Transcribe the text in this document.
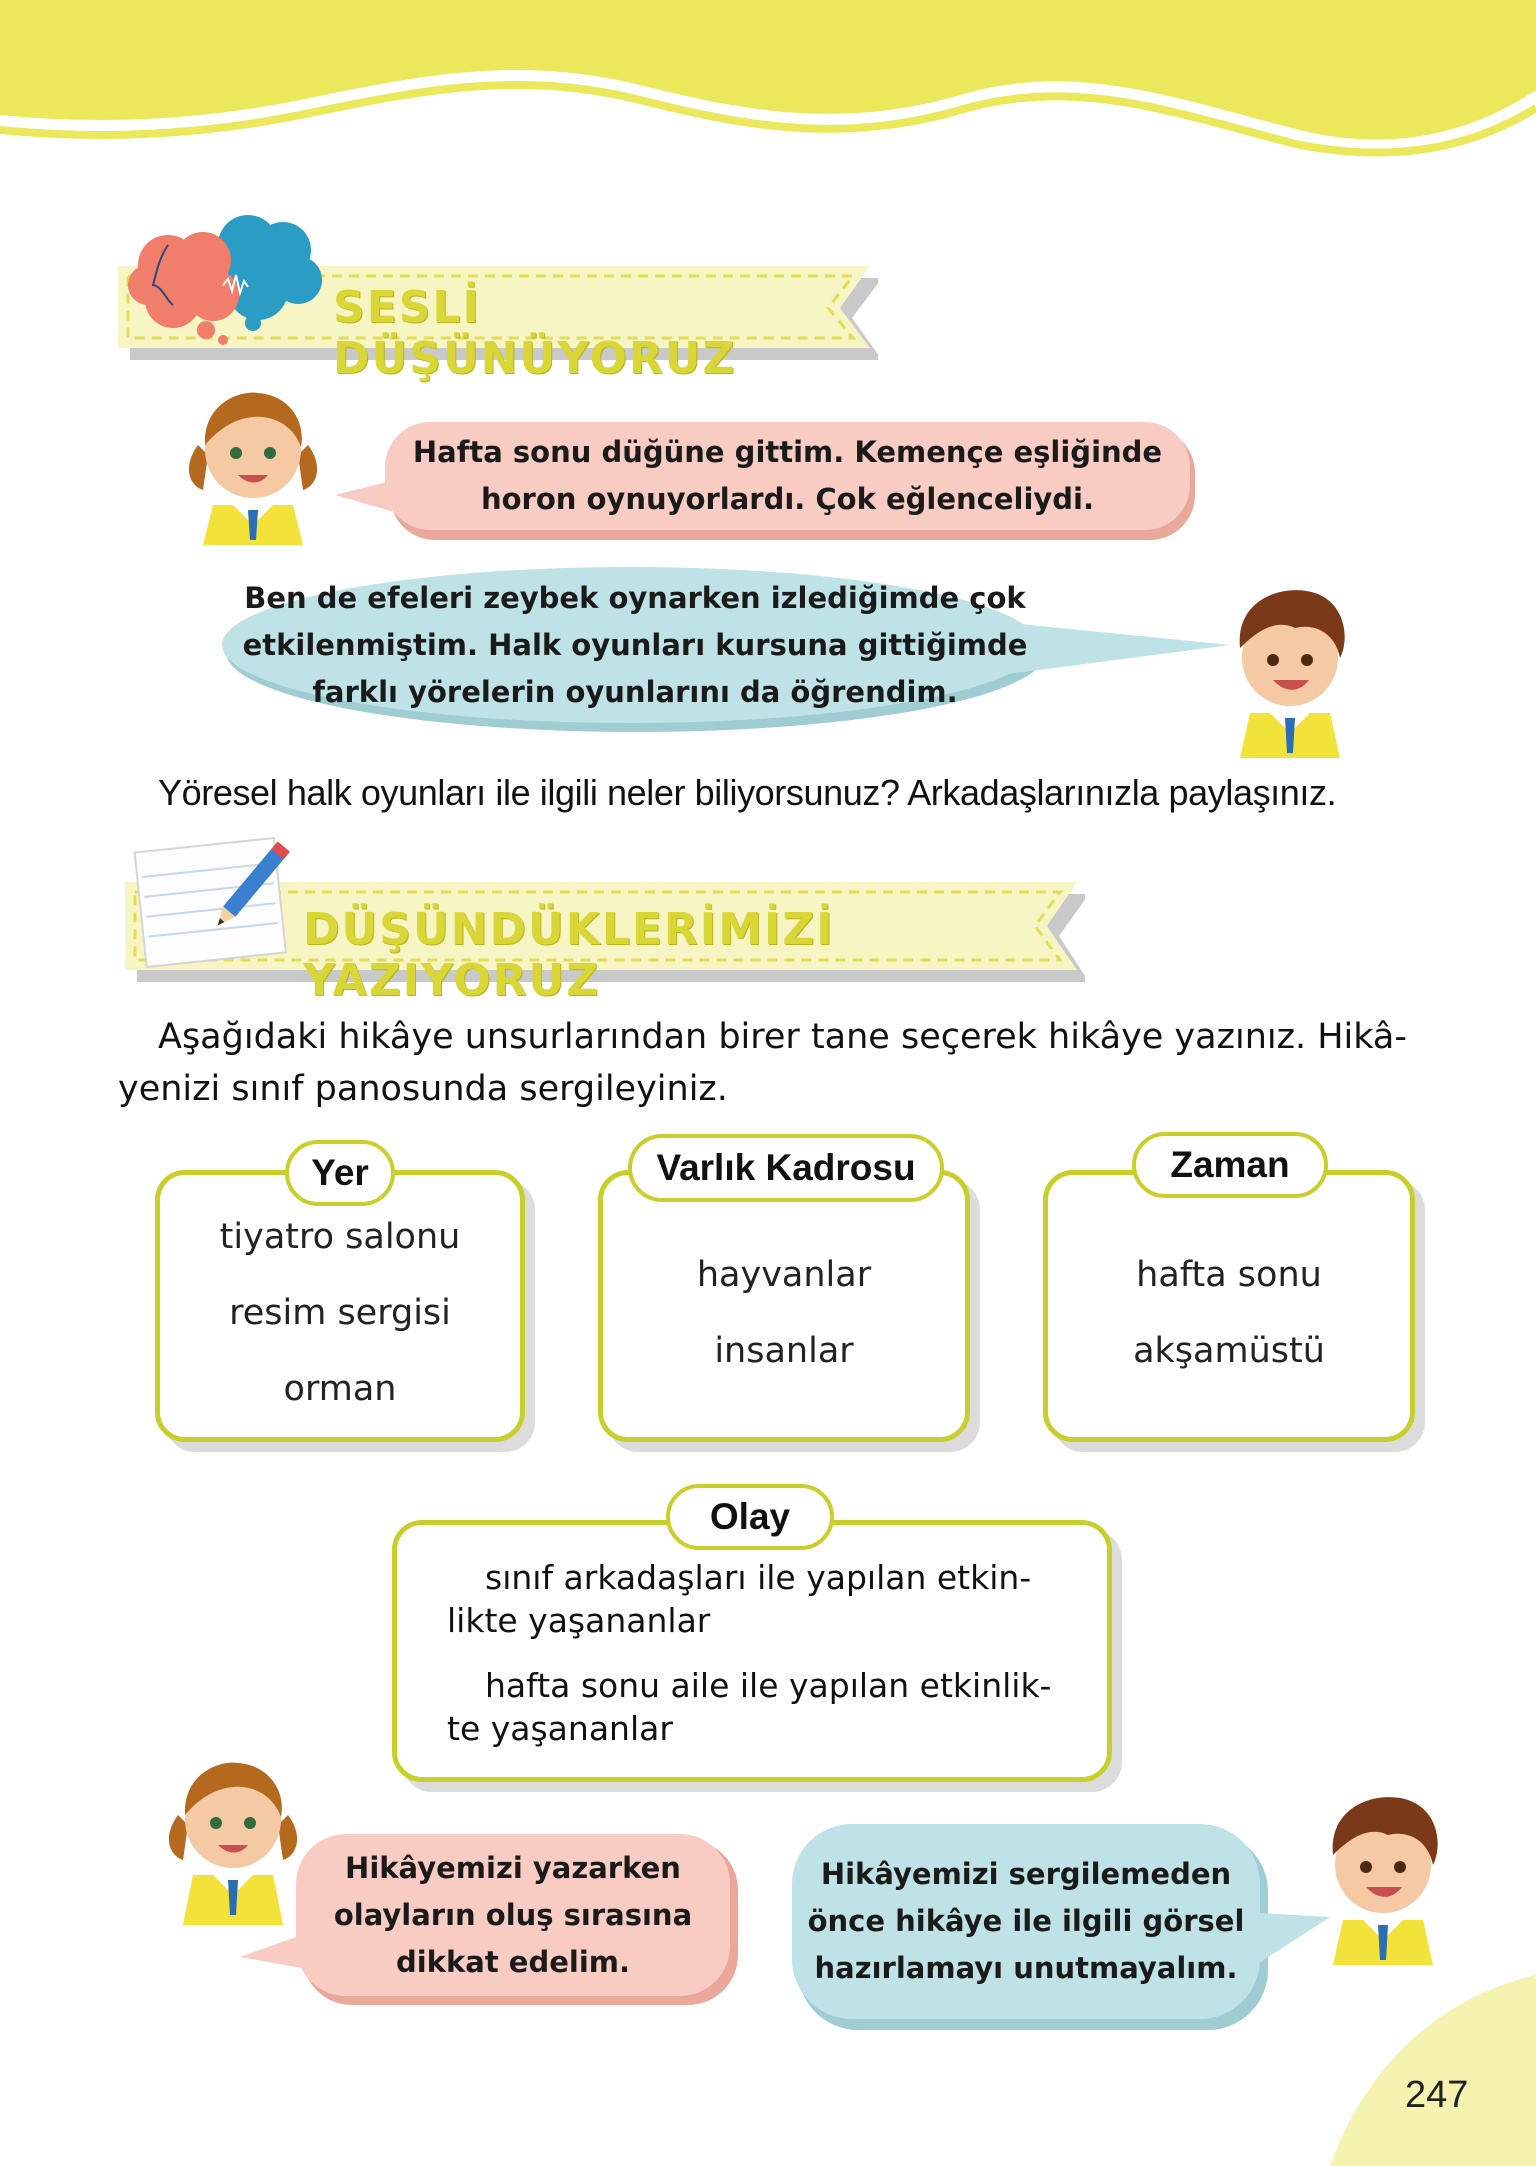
SESLİ DÜŞÜNÜYORUZ
Hafta sonu düğüne gittim. Kemençe eşliğinde
horon oynuyorlardı. Çok eğlenceliydi.
Ben de efeleri zeybek oynarken izlediğimde çok
etkilenmiştim. Halk oyunları kursuna gittiğimde
farklı yörelerin oyunlarını da öğrendim.
Yöresel halk oyunları ile ilgili neler biliyorsunuz? Arkadaşlarınızla paylaşınız.
DÜŞÜNDÜKLERİMİZİ YAZIYORUZ
Aşağıdaki hikâye unsurlarından birer tane seçerek hikâye yazınız. Hikâ-
yenizi sınıf panosunda sergileyiniz.
tiyatro salonu
resim sergisi
orman
Yer
hayvanlar
insanlar
Varlık Kadrosu
hafta sonu
akşamüstü
Zaman
sınıf arkadaşları ile yapılan etkin-
likte yaşananlar
hafta sonu aile ile yapılan etkinlik-
te yaşananlar
Olay
Hikâyemizi yazarken
olayların oluş sırasına
dikkat edelim.
Hikâyemizi sergilemeden
önce hikâye ile ilgili görsel
hazırlamayı unutmayalım.
247
